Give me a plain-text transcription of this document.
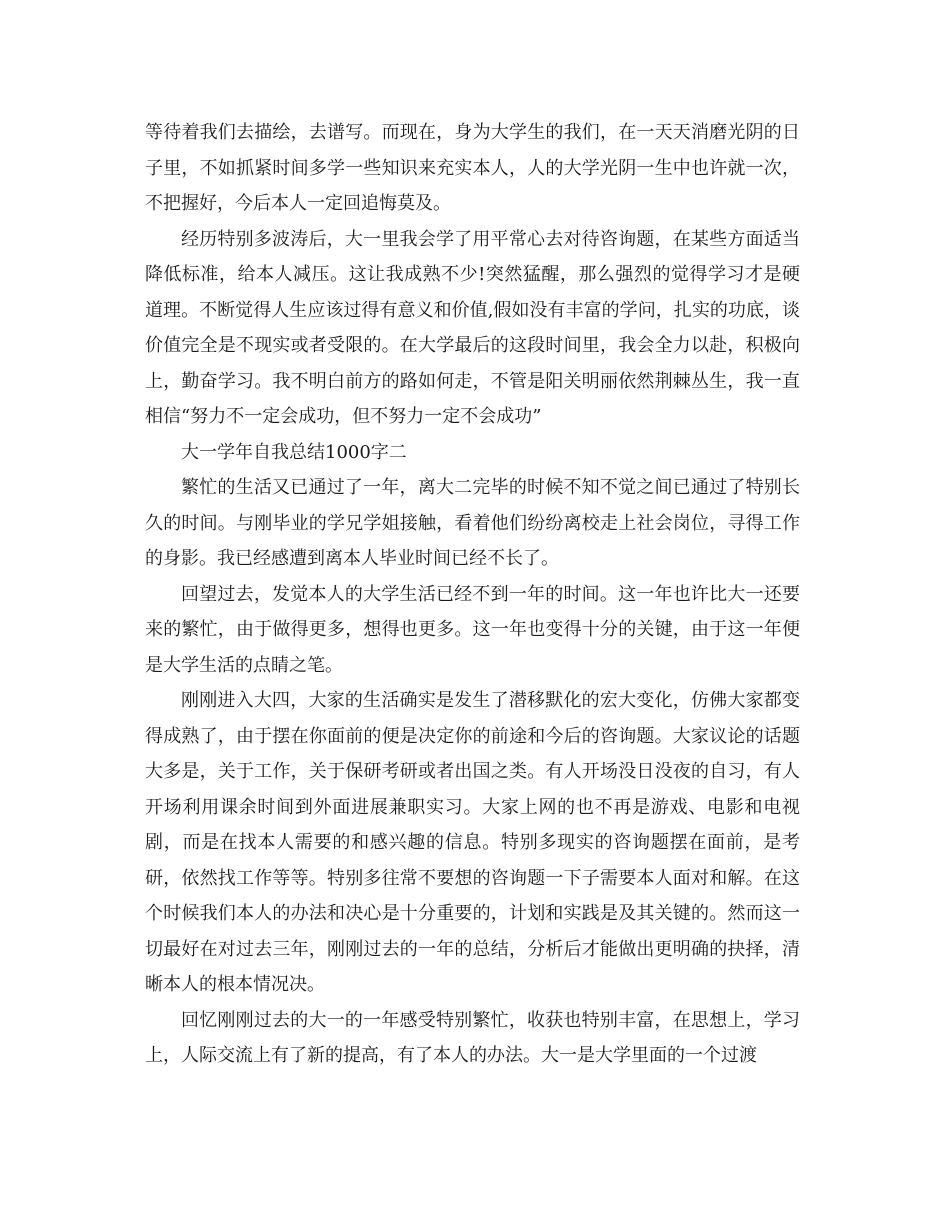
等待着我们去描绘，去谱写。而现在，身为大学生的我们，在一天天消磨光阴的日子里，不如抓紧时间多学一些知识来充实本人，人的大学光阴一生中也许就一次，不把握好，今后本人一定回追悔莫及。

经历特别多波涛后，大一里我会学了用平常心去对待咨询题，在某些方面适当降低标准，给本人减压。这让我成熟不少!突然猛醒，那么强烈的觉得学习才是硬道理。不断觉得人生应该过得有意义和价值,假如没有丰富的学问，扎实的功底，谈价值完全是不现实或者受限的。在大学最后的这段时间里，我会全力以赴，积极向上，勤奋学习。我不明白前方的路如何走，不管是阳关明丽依然荆棘丛生，我一直相信“努力不一定会成功，但不努力一定不会成功”

大一学年自我总结1000字二

繁忙的生活又已通过了一年，离大二完毕的时候不知不觉之间已通过了特别长久的时间。与刚毕业的学兄学姐接触，看着他们纷纷离校走上社会岗位，寻得工作的身影。我已经感遭到离本人毕业时间已经不长了。

回望过去，发觉本人的大学生活已经不到一年的时间。这一年也许比大一还要来的繁忙，由于做得更多，想得也更多。这一年也变得十分的关键，由于这一年便是大学生活的点睛之笔。

刚刚进入大四，大家的生活确实是发生了潜移默化的宏大变化，仿佛大家都变得成熟了，由于摆在你面前的便是决定你的前途和今后的咨询题。大家议论的话题大多是，关于工作，关于保研考研或者出国之类。有人开场没日没夜的自习，有人开场利用课余时间到外面进展兼职实习。大家上网的也不再是游戏、电影和电视剧，而是在找本人需要的和感兴趣的信息。特别多现实的咨询题摆在面前，是考研，依然找工作等等。特别多往常不要想的咨询题一下子需要本人面对和解。在这个时候我们本人的办法和决心是十分重要的，计划和实践是及其关键的。然而这一切最好在对过去三年，刚刚过去的一年的总结，分析后才能做出更明确的抉择，清晰本人的根本情况决。

回忆刚刚过去的大一的一年感受特别繁忙，收获也特别丰富，在思想上，学习上，人际交流上有了新的提高，有了本人的办法。大一是大学里面的一个过渡
